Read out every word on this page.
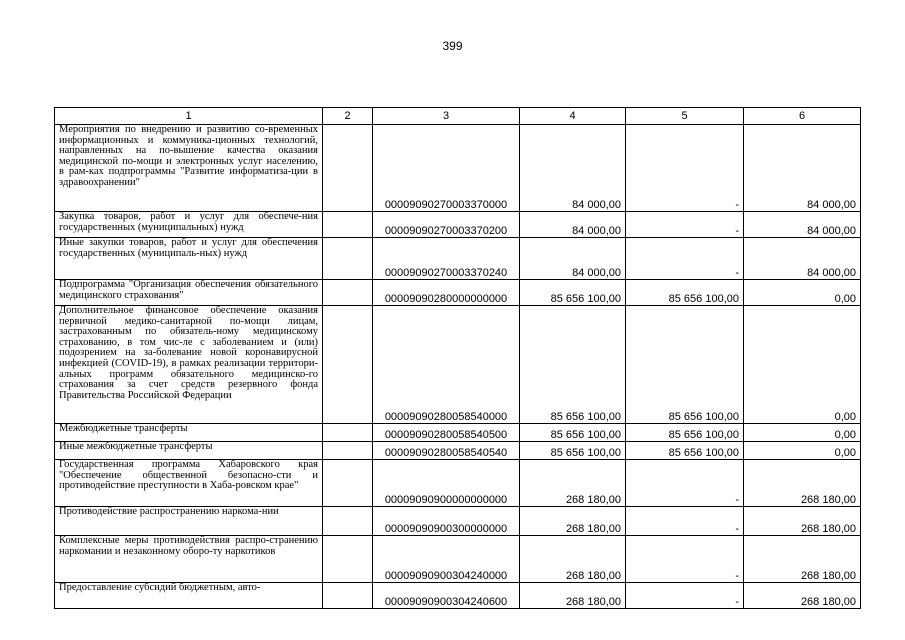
399
1	2	3	4	5	6
Мероприятия по внедрению и развитию со-временных информационных и коммуника-ционных технологий, направленных на по-вышение качества оказания медицинской по-мощи и электронных услуг населению, в рам-ках подпрограммы "Развитие информатиза-ции в здравоохранении"		00009090270003370000	84 000,00	-	84 000,00
Закупка товаров, работ и услуг для обеспече-ния государственных (муниципальных) нужд		00009090270003370200	84 000,00	-	84 000,00
Иные закупки товаров, работ и услуг для обеспечения государственных (муниципаль-ных) нужд		00009090270003370240	84 000,00	-	84 000,00
Подпрограмма "Организация обеспечения обязательного медицинского страхования"		00009090280000000000	85 656 100,00	85 656 100,00	0,00
Дополнительное финансовое обеспечение оказания первичной медико-санитарной по-мощи лицам, застрахованным по обязатель-ному медицинскому страхованию, в том чис-ле с заболеванием и (или) подозрением на за-болевание новой коронавирусной инфекцией (COVID-19), в рамках реализации территори-альных программ обязательного медицинско-го страхования за счет средств резервного фонда Правительства Российской Федерации		00009090280058540000	85 656 100,00	85 656 100,00	0,00
Межбюджетные трансферты		00009090280058540500	85 656 100,00	85 656 100,00	0,00
Иные межбюджетные трансферты		00009090280058540540	85 656 100,00	85 656 100,00	0,00
Государственная программа Хабаровского края "Обеспечение общественной безопасно-сти и противодействие преступности в Хаба-ровском крае"		00009090900000000000	268 180,00	-	268 180,00
Противодействие распространению наркома-нии		00009090900300000000	268 180,00	-	268 180,00
Комплексные меры противодействия распро-странению наркомании и незаконному оборо-ту наркотиков		00009090900304240000	268 180,00	-	268 180,00
Предоставление субсидий бюджетным, авто-		00009090900304240600	268 180,00	-	268 180,00
